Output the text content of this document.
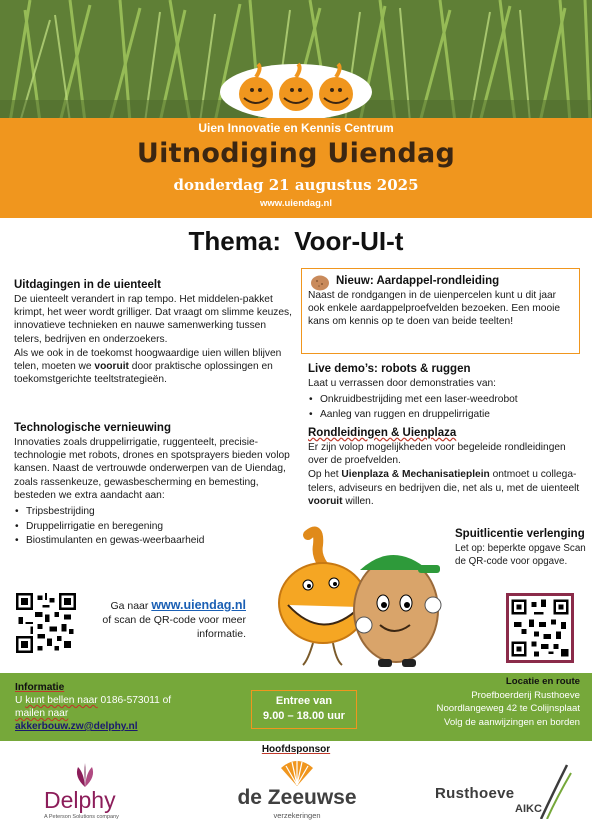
Uien Innovatie en Kennis Centrum
Uitnodiging Uiendag
donderdag 21 augustus 2025
www.uiendag.nl
Thema: Voor-UI-t
Uitdagingen in de uienteelt
De uienteelt verandert in rap tempo. Het middelen-pakket krimpt, het weer wordt grilliger. Dat vraagt om slimme keuzes, innovatieve technieken en nauwe samenwerking tussen telers, bedrijven en onderzoekers.
Als we ook in de toekomst hoogwaardige uien willen blijven telen, moeten we vooruit door praktische oplossingen en toekomstgerichte teeltstrategieën.
Technologische vernieuwing
Innovaties zoals druppelirrigatie, ruggenteelt, precisie-technologie met robots, drones en spotsprayers bieden volop kansen. Naast de vertrouwde onderwerpen van de Uiendag, zoals rassenkeuze, gewasbescherming en bemesting, besteden we extra aandacht aan:
• Tripsbestrijding
• Druppelirrigatie en beregening
• Biostimulanten en gewas-weerbaarheid
Nieuw: Aardappel-rondleiding
Naast de rondgangen in de uienpercelen kunt u dit jaar ook enkele aardappelproefvelden bezoeken. Een mooie kans om kennis op te doen van beide teelten!
Live demo’s: robots & ruggen
Laat u verrassen door demonstraties van:
• Onkruidbestrijding met een laser-weedrobot
• Aanleg van ruggen en druppelirrigatie
Rondleidingen & Uienplaza
Er zijn volop mogelijkheden voor begeleide rondleidingen over de proefvelden.
Op het Uienplaza & Mechanisatieplein ontmoet u collega-telers, adviseurs en bedrijven die, net als u, met de uienteelt vooruit willen.
Spuitlicentie verlenging
Let op: beperkte opgave Scan de QR-code voor opgave.
Ga naar www.uiendag.nl
of scan de QR-code voor meer informatie.
Informatie
U kunt bellen naar 0186-573011 of
mailen naar
akkerbouw.zw@delphy.nl
Entree van
9.00 – 18.00 uur
Locatie en route
Proefboerderij Rusthoeve
Noordlangeweg 42 te Colijnsplaat
Volg de aanwijzingen en borden
Hoofdsponsor
Delphy
A Peterson Solutions company
de Zeeuwse
verzekeringen
Rusthoeve
AIKC
